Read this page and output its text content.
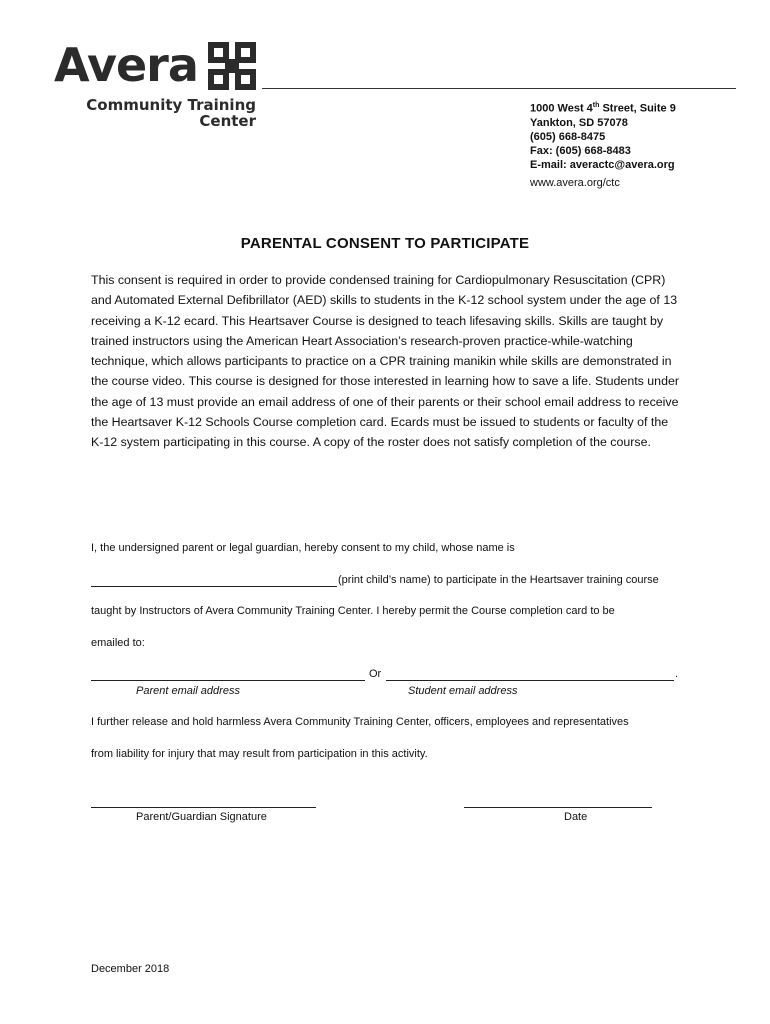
Avera
Community Training
Center
1000 West 4th Street, Suite 9
Yankton, SD 57078
(605) 668-8475
Fax: (605) 668-8483
E-mail: averactc@avera.org
www.avera.org/ctc
PARENTAL CONSENT TO PARTICIPATE
This consent is required in order to provide condensed training for Cardiopulmonary Resuscitation (CPR) and Automated External Defibrillator (AED) skills to students in the K-12 school system under the age of 13 receiving a K-12 ecard. This Heartsaver Course is designed to teach lifesaving skills. Skills are taught by trained instructors using the American Heart Association’s research-proven practice-while-watching technique, which allows participants to practice on a CPR training manikin while skills are demonstrated in the course video. This course is designed for those interested in learning how to save a life. Students under the age of 13 must provide an email address of one of their parents or their school email address to receive the Heartsaver K-12 Schools Course completion card. Ecards must be issued to students or faculty of the K-12 system participating in this course. A copy of the roster does not satisfy completion of the course.
I, the undersigned parent or legal guardian, hereby consent to my child, whose name is
(print child’s name) to participate in the Heartsaver training course
taught by Instructors of Avera Community Training Center. I hereby permit the Course completion card to be
emailed to:
Or	.
Parent email address	Student email address
I further release and hold harmless Avera Community Training Center, officers, employees and representatives
from liability for injury that may result from participation in this activity.
Parent/Guardian Signature	Date
December 2018
